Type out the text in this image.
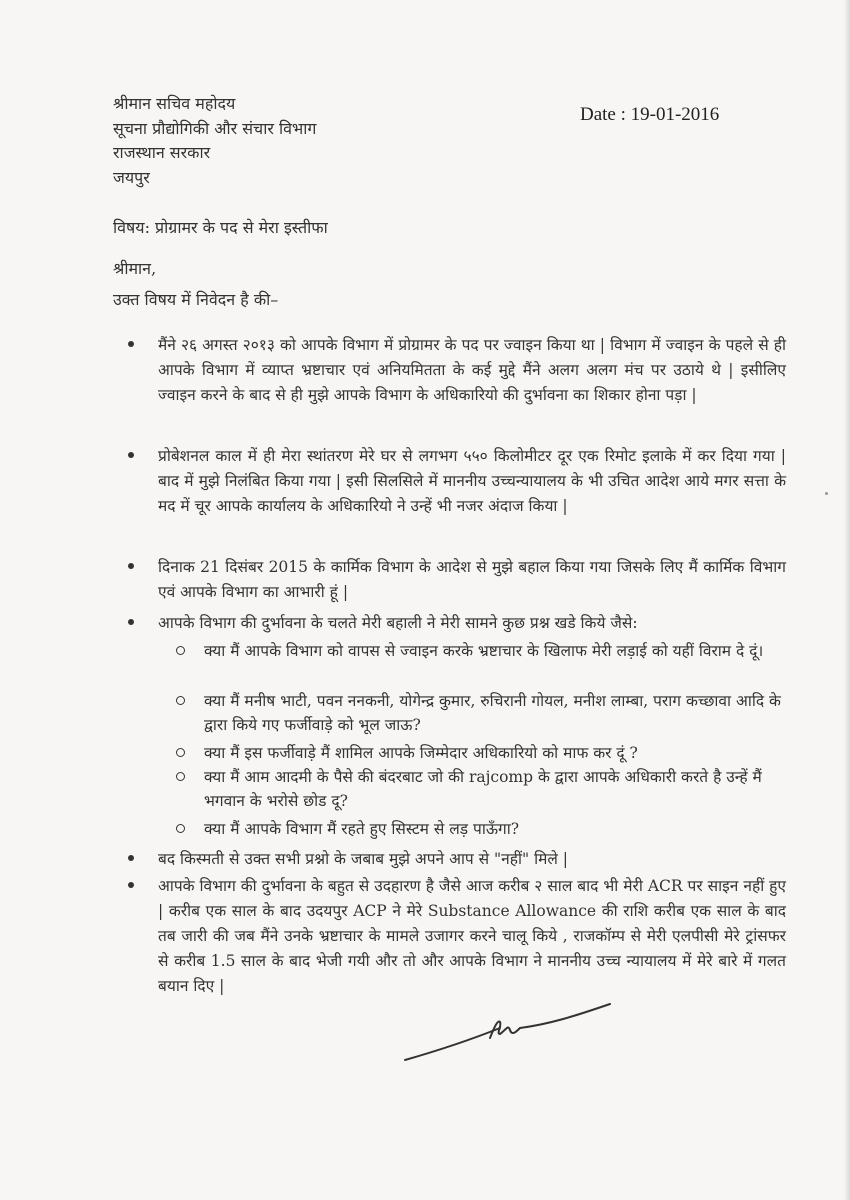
श्रीमान सचिव महोदय
सूचना प्रौद्योगिकी और संचार विभाग
राजस्थान सरकार
जयपुर
Date : 19-01-2016
विषय: प्रोग्रामर के पद से मेरा इस्तीफा
श्रीमान,
उक्त विषय में निवेदन है की–
मैंने २६ अगस्त २०१३ को आपके विभाग में प्रोग्रामर के पद पर ज्वाइन किया था | विभाग में ज्वाइन के पहले से ही आपके विभाग में व्याप्त भ्रष्टाचार एवं अनियमितता के कई मुद्दे मैंने अलग अलग मंच पर उठाये थे | इसीलिए ज्वाइन करने के बाद से ही मुझे आपके विभाग के अधिकारियो की दुर्भावना का शिकार होना पड़ा |
प्रोबेशनल काल में ही मेरा स्थांतरण मेरे घर से लगभग ५५० किलोमीटर दूर एक रिमोट इलाके में कर दिया गया | बाद में मुझे निलंबित किया गया | इसी सिलसिले में माननीय उच्चन्यायालय के भी उचित आदेश आये मगर सत्ता के मद में चूर आपके कार्यालय के अधिकारियो ने उन्हें भी नजर अंदाज किया |
दिनाक 21 दिसंबर 2015 के कार्मिक विभाग के आदेश से मुझे बहाल किया गया जिसके लिए मैं कार्मिक विभाग एवं आपके विभाग का आभारी हूं |
आपके विभाग की दुर्भावना के चलते मेरी बहाली ने मेरी सामने कुछ प्रश्न खडे किये जैसे:
क्या मैं आपके विभाग को वापस से ज्वाइन करके भ्रष्टाचार के खिलाफ मेरी लड़ाई को यहीं विराम दे दूं।
क्या मैं मनीष भाटी, पवन ननकनी, योगेन्द्र कुमार, रुचिरानी गोयल, मनीश लाम्बा, पराग कच्छावा आदि के द्वारा किये गए फर्जीवाड़े को भूल जाऊ?
क्या मैं इस फर्जीवाड़े मैं शामिल आपके जिम्मेदार अधिकारियो को माफ कर दूं ?
क्या मैं आम आदमी के पैसे की बंदरबाट जो की rajcomp के द्वारा आपके अधिकारी करते है उन्हें मैं भगवान के भरोसे छोड दू?
क्या मैं आपके विभाग मैं रहते हुए सिस्टम से लड़ पाऊँगा?
बद किस्मती से उक्त सभी प्रश्नो के जबाब मुझे अपने आप से "नहीं" मिले |
आपके विभाग की दुर्भावना के बहुत से उदहारण है जैसे आज करीब २ साल बाद भी मेरी ACR पर साइन नहीं हुए | करीब एक साल के बाद उदयपुर ACP ने मेरे Substance Allowance की राशि करीब एक साल के बाद तब जारी की जब मैंने उनके भ्रष्टाचार के मामले उजागर करने चालू किये , राजकॉम्प से मेरी एलपीसी मेरे ट्रांसफर से करीब 1.5 साल के बाद भेजी गयी और तो और आपके विभाग ने माननीय उच्च न्यायालय में मेरे बारे में गलत बयान दिए |
